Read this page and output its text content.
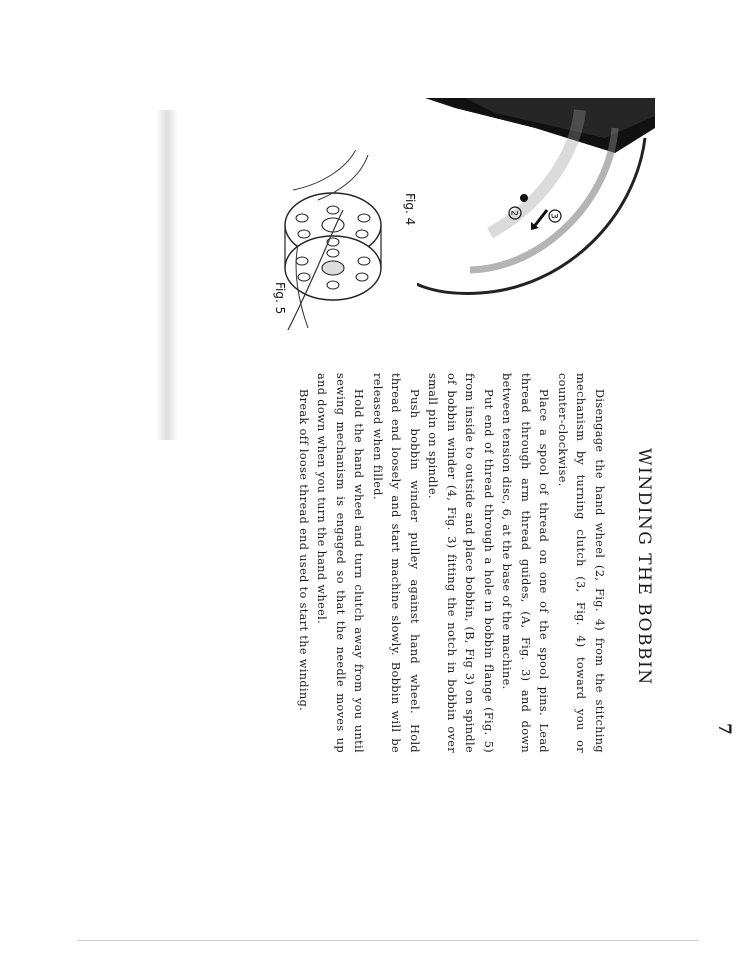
7
WINDING THE BOBBIN

Disengage the hand wheel (2, Fig. 4) from the stitching mechanism by turning clutch (3, Fig. 4) toward you or counter-clockwise.

Place a spool of thread on one of the spool pins. Lead thread through arm thread guides, (A, Fig. 3) and down between tension disc, 6, at the base of the machine.

Put end of thread through a hole in bobbin flange (Fig. 5) from inside to outside and place bobbin, (B, Fig 3) on spindle of bobbin winder (4, Fig. 3) fitting the notch in bobbin over small pin on spindle.

Push bobbin winder pulley against hand wheel. Hold thread end loosely and start machine slowly. Bobbin will be released when filled.

Hold the hand wheel and turn clutch away from you until sewing mechanism is engaged so that the needle moves up and down when you turn the hand wheel.

Break off loose thread end used to start the winding.

3
2
Fig. 4
Fig. 5
